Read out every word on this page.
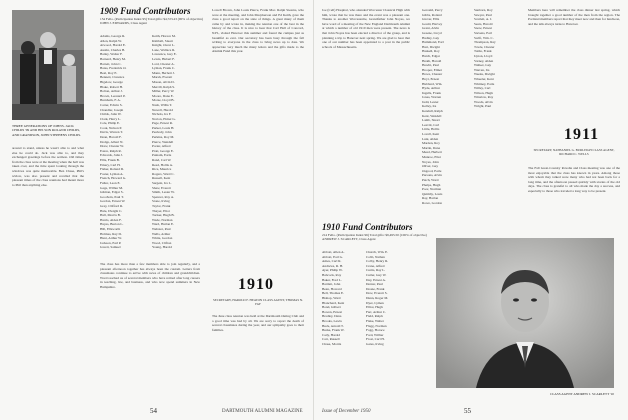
THREE GENERATIONS OF JOHNS. JACK CHILDS '09 AND HIS SON ROLAND CHILDS, AND GRANDSON, JOHN STEPHENS CHILDS.
around to stand, unless he wasn't able to and what else he could do. Jack was able to, and they exchanged greetings before the sermon. Old timers from the class were at the meeting when the hall was taken over, and the time spent looking through the windows was quite memorable. Ben Chase, Phil's widow, was also present and recalled that the pleasant times of the class reunions had meant more to Phil than anything else.
1909 Fund Contributors
154 Fello. (Participation Index 95) Total gifts: $4,723.43 (90% of objective) JOHN J. EDWARDS, Class Agent
Adams, George R.
Allen, Ralph W.
Atwood, Harold E.
Austin, Charles B.
Bailey, Walter F.
Barnard, Henry M.
Barrett, John C.
Bates, Frederick O.
Beal, Roy E.
Bennett, Clarence
Bigelow, George
Blake, Robert H.
Bolton, Arthur J.
Brown, Leonard P.
Burnham, F. A.
Carter, Edwin S.
Chandler, Joseph
Childs, John W.
Clark, Harry L.
Cole, Philip E.
Cook, Nelson P.
Davis, Warren T.
Dean, Harold F.
Dodge, Albert N.
Drew, Chester W.
Eaton, Ralph R.
Edwards, John J.
Ellis, Frank B.
Emery, Carl H.
Fisher, Roland D.
Foster, Lyman A.
French, Howard G.
Fuller, Leon E.
Gage, Wilbur M.
Gilman, Edgar S.
Goodwin, Paul T.
Gordon, Ernest W.
Gray, Clifford R.
Hale, Dwight C.
Hall, Morris B.
Harris, Alden F.
Hayes, Burton L.
Hill, Ellsworth
Holmes, Ray D.
Hunt, Arthur W.
Jackson, Earl P.
Jewett, Samuel
Keith, Horace M.
Kimball, Stuart
Knight, Oscar L.
Lane, Wallace R.
Lawrence, Guy E.
Lewis, Hubert F.
Lord, Chester A.
Lyman, Frank C.
Mann, Herbert J.
Marsh, Everett
Mason, Alvin D.
Merrill, Ralph S.
Miller, Percy W.
Moore, Dana E.
Morse, Lloyd B.
Nash, Willis T.
Newell, Harold
Nichols, Ira F.
Norton, Elmer G.
Page, Ernest R.
Parker, Louis H.
Peabody, John
Perkins, Roy M.
Pierce, Wendell
Porter, Alfred
Pratt, George E.
Putnam, Earle
Rand, Carl W.
Reed, Hollis A.
Rice, Maurice
Rogers, Ward C.
Russell, Kent
Sargent, Ira L.
Shaw, Everett
Smith, Lester W.
Spencer, Roy A.
Stone, Irving
Taylor, Frank
Thayer, Eliot
Tucker, Hugh B.
Wade, Norman
Ward, Harlan E.
Webster, Paul
Wells, Arthur
White, Gordon
Wood, Clifton
Young, Harold
The class has more than a few members able to join regularly, and a pleasant afternoon together has always been the custom. Letters from classmates continue to arrive with news of children and grandchildren. Word reached us of several members who have retired after long careers in teaching, law, and business, and who now spend summers in New Hampshire.
Lowell Brown, John Louis Pierce, Frank Mac. Ralph Stearns, who were at the meeting, and John Macpherson and Ed Keith, gave the class a good report on the state of things. A great many of them came by and wrote in, making the reunion one of the best in the history of the class. It is nice to hear that Carl Hall of Concord, N.H., visited Hanover this summer and found the campus just as beautiful as ever. Our secretary has been busy through the fall writing to everyone in the class to bring news up to date. We appreciate very much the many letters and the gifts made to the Alumni Fund this year.
1910
SECRETARY, HAROLD F. HEATON CLASS AGENT, THOMAS N. FAY
The June class reunion was held at the Dartmouth Outing Club and a good time was had by all. We are sorry to report the death of several classmates during the year, and our sympathy goes to their families.
54	DARTMOUTH ALUMNI MAGAZINE
Joe (Cell) Hospital, who attended Worcester Classical High with him, wrote that he was there and the event was a pleasant one. Thanks to another Worcesterite, Grandfather John Noyes, we have word of a meeting of the New England Dartmouth Alumni at which a number of old 1910 men were present. The news is that John Noyes has been elected a director of the group, and is planning a trip to Hanover next spring. We are glad to hear that one of our number has been appointed to a post in the public schools of Massachusetts.
1910 Fund Contributors
214 Fello. (Participation Index 96) Total gifts: $9,495.50 (106% of objective) ANDREW J. SCARLETT, Class Agent
Abbott, Allen A.
Abbott, Earl G.
Ames, Carl R.
Andrews, R. H.
Ayer, Philip W.
Babcock, Roy
Baker, Fred L.
Bartlett, John
Bean, Howard
Bell, Thomas E.
Bishop, Ward
Blanchard, Kent
Bond, Gilbert
Bowen, Ernest
Bradley, Dana
Brooks, Lewis
Buck, Arnold T.
Burke, Frank W.
Cady, Harold
Carr, Russell
Chase, Morris
Church, Wm. E.
Cobb, Nathan
Colby, Henry R.
Crane, Alfred
Curtis, Ray L.
Cutler, Guy W.
Day, Ernest A.
Dexter, Paul
Doane, Frank
Dow, Everett S.
Dunn, Roger M.
Dyer, Lyman
Elliot, Hugh
Farr, Arthur C.
Field, Ralph
Fiske, Walter
Flagg, Norman
Fogg, Horace
Ford, Wilbur
Frost, Carl H.
Gates, Irving
Gerould, Percy
Gibbs, Roland
Glover, Ellis
Gould, Harvey
Grant, Alvin
Greene, Lloyd
Hadley, Guy
Hammond, Earl
Hart, Dwight
Haskell, Roy
Hatch, Edgar
Heath, Harold
Hewitt, Paul
Hooper, Elmer
Howe, Chester
Hoyt, Ernest
Hubbard, Wm.
Hyde, Arthur
Ingalls, Frank
Jones, Warren
Judd, Lester
Kelley, Ira
Kendall, Ralph
Kent, Wendell
Lamb, Stuart
Leavitt, Carl
Little, Hollis
Lovell, Kent
Lunt, Alden
Marden, Roy
Martin, Dana
Mead, Herbert
Munroe, Eliot
Noyes, John
Oliver, Guy
Osgood, Earle
Parsons, Alvin
Patch, Ward
Phelps, Hugh
Poor, Norman
Quimby, Louis
Ray, Harlan
Rowe, Gordon
Sanborn, Roy
Sawyer, Paul
Scarlett, A. J.
Sears, Harold
Snow, Ernest
Stevens, Earl
Swift, Wm. C.
Thompson, Ray
Towle, Chester
Tuttle, Frank
Upton, Lloyd
Varney, Alden
Walker, Guy
Warren, Ira
Weeks, Dwight
Wheeler, Kent
Whitney, Earle
Willey, Carl
Wilson, Hugh
Winslow, Roy
Woods, Alvin
Wright, Paul
1911
SECRETARY, NATHANIEL G. BURLEIGH CLASS AGENT, RICHARD C. WELLS
The Fall Great-Country Rowdie and Class meeting was one of the most enjoyable that the class has known in years. Among those with whom they talked were many who had not been back for a long time, and the afternoon passed quickly with stories of the old days. The class is grateful to all who made the day a success, and especially to those who traveled a long way to be present.
Members here will remember the class dinner last spring, which brought together a good number of the men from the region. The Portland members report that they meet now and then for luncheon, and the talk always turns to Hanover.
CLASS AGENT ANDREW J. SCARLETT '10
Issue of December 1950	55
